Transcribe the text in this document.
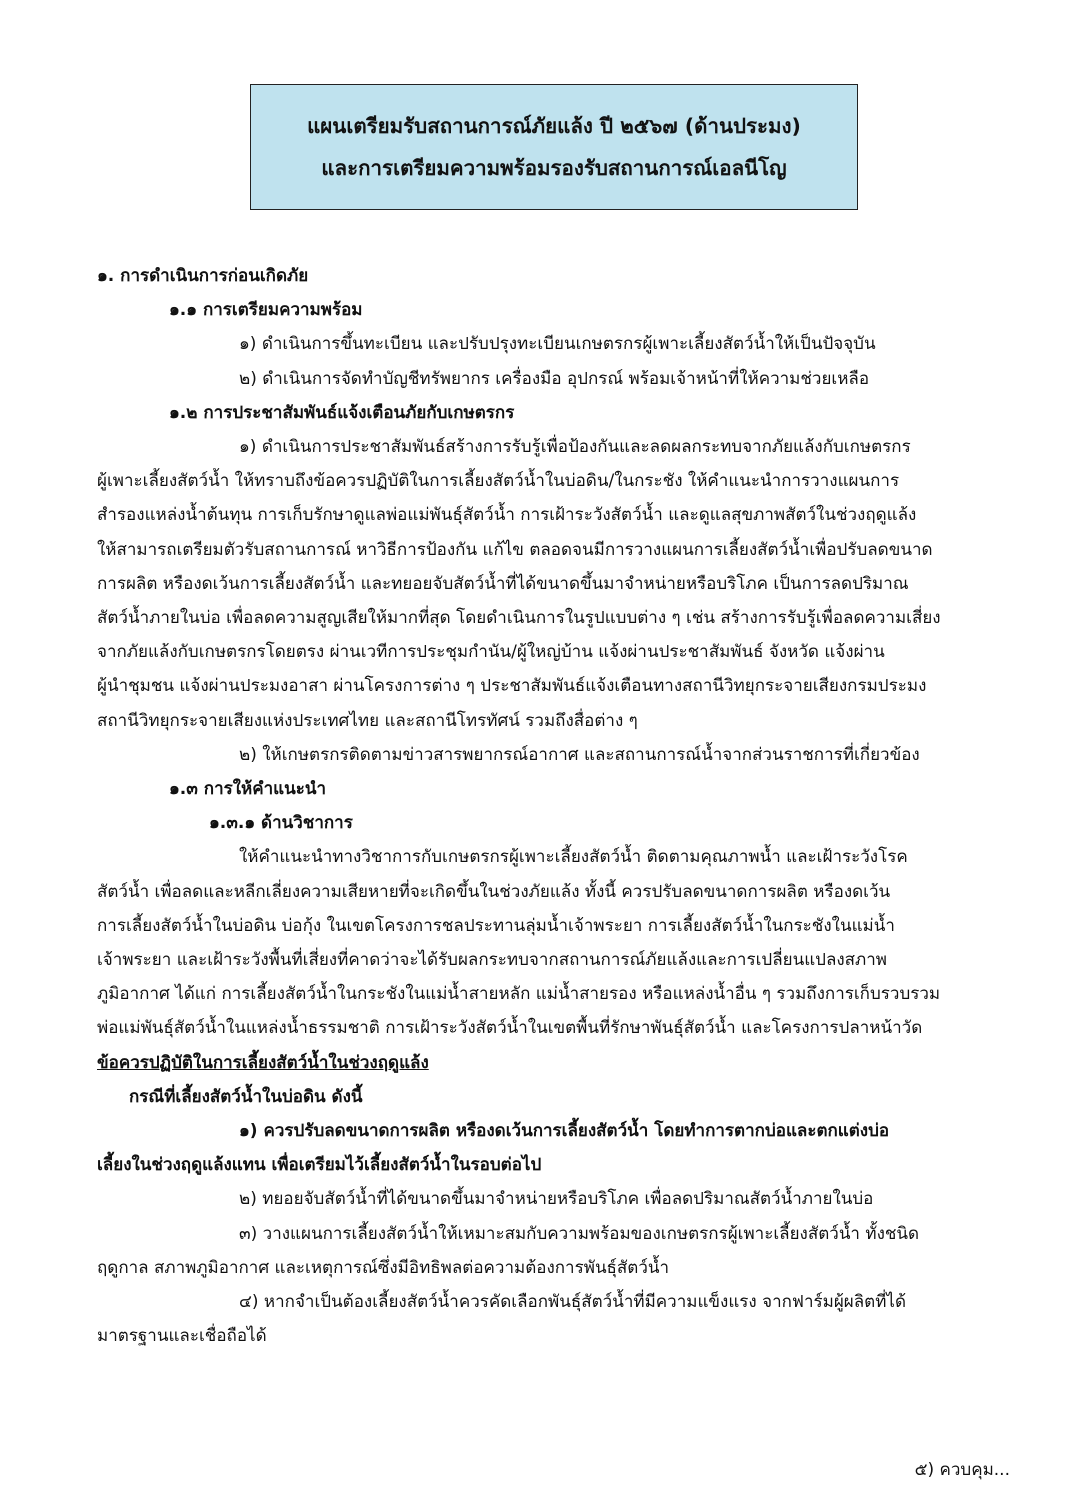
แผนเตรียมรับสถานการณ์ภัยแล้ง ปี ๒๕๖๗ (ด้านประมง)
และการเตรียมความพร้อมรองรับสถานการณ์เอลนีโญ

๑. การดำเนินการก่อนเกิดภัย

๑.๑ การเตรียมความพร้อม

๑) ดำเนินการขึ้นทะเบียน และปรับปรุงทะเบียนเกษตรกรผู้เพาะเลี้ยงสัตว์น้ำให้เป็นปัจจุบัน

๒) ดำเนินการจัดทำบัญชีทรัพยากร เครื่องมือ อุปกรณ์ พร้อมเจ้าหน้าที่ให้ความช่วยเหลือ

๑.๒ การประชาสัมพันธ์แจ้งเตือนภัยกับเกษตรกร

๑) ดำเนินการประชาสัมพันธ์สร้างการรับรู้เพื่อป้องกันและลดผลกระทบจากภัยแล้งกับเกษตรกร
ผู้เพาะเลี้ยงสัตว์น้ำ ให้ทราบถึงข้อควรปฏิบัติในการเลี้ยงสัตว์น้ำในบ่อดิน/ในกระชัง ให้คำแนะนำการวางแผนการ
สำรองแหล่งน้ำต้นทุน การเก็บรักษาดูแลพ่อแม่พันธุ์สัตว์น้ำ การเฝ้าระวังสัตว์น้ำ และดูแลสุขภาพสัตว์ในช่วงฤดูแล้ง
ให้สามารถเตรียมตัวรับสถานการณ์ หาวิธีการป้องกัน แก้ไข ตลอดจนมีการวางแผนการเลี้ยงสัตว์น้ำเพื่อปรับลดขนาด
การผลิต หรืองดเว้นการเลี้ยงสัตว์น้ำ และทยอยจับสัตว์น้ำที่ได้ขนาดขึ้นมาจำหน่ายหรือบริโภค เป็นการลดปริมาณ
สัตว์น้ำภายในบ่อ เพื่อลดความสูญเสียให้มากที่สุด โดยดำเนินการในรูปแบบต่าง ๆ เช่น สร้างการรับรู้เพื่อลดความเสี่ยง
จากภัยแล้งกับเกษตรกรโดยตรง ผ่านเวทีการประชุมกำนัน/ผู้ใหญ่บ้าน แจ้งผ่านประชาสัมพันธ์ จังหวัด แจ้งผ่าน
ผู้นำชุมชน แจ้งผ่านประมงอาสา ผ่านโครงการต่าง ๆ ประชาสัมพันธ์แจ้งเตือนทางสถานีวิทยุกระจายเสียงกรมประมง
สถานีวิทยุกระจายเสียงแห่งประเทศไทย และสถานีโทรทัศน์ รวมถึงสื่อต่าง ๆ

๒) ให้เกษตรกรติดตามข่าวสารพยากรณ์อากาศ และสถานการณ์น้ำจากส่วนราชการที่เกี่ยวข้อง

๑.๓ การให้คำแนะนำ

๑.๓.๑ ด้านวิชาการ

ให้คำแนะนำทางวิชาการกับเกษตรกรผู้เพาะเลี้ยงสัตว์น้ำ ติดตามคุณภาพน้ำ และเฝ้าระวังโรค
สัตว์น้ำ เพื่อลดและหลีกเลี่ยงความเสียหายที่จะเกิดขึ้นในช่วงภัยแล้ง ทั้งนี้ ควรปรับลดขนาดการผลิต หรืองดเว้น
การเลี้ยงสัตว์น้ำในบ่อดิน บ่อกุ้ง ในเขตโครงการชลประทานลุ่มน้ำเจ้าพระยา การเลี้ยงสัตว์น้ำในกระชังในแม่น้ำ
เจ้าพระยา และเฝ้าระวังพื้นที่เสี่ยงที่คาดว่าจะได้รับผลกระทบจากสถานการณ์ภัยแล้งและการเปลี่ยนแปลงสภาพ
ภูมิอากาศ ได้แก่ การเลี้ยงสัตว์น้ำในกระชังในแม่น้ำสายหลัก แม่น้ำสายรอง หรือแหล่งน้ำอื่น ๆ รวมถึงการเก็บรวบรวม
พ่อแม่พันธุ์สัตว์น้ำในแหล่งน้ำธรรมชาติ การเฝ้าระวังสัตว์น้ำในเขตพื้นที่รักษาพันธุ์สัตว์น้ำ และโครงการปลาหน้าวัด

ข้อควรปฏิบัติในการเลี้ยงสัตว์น้ำในช่วงฤดูแล้ง

กรณีที่เลี้ยงสัตว์น้ำในบ่อดิน ดังนี้

๑) ควรปรับลดขนาดการผลิต หรืองดเว้นการเลี้ยงสัตว์น้ำ โดยทำการตากบ่อและตกแต่งบ่อ
เลี้ยงในช่วงฤดูแล้งแทน เพื่อเตรียมไว้เลี้ยงสัตว์น้ำในรอบต่อไป

๒) ทยอยจับสัตว์น้ำที่ได้ขนาดขึ้นมาจำหน่ายหรือบริโภค เพื่อลดปริมาณสัตว์น้ำภายในบ่อ

๓) วางแผนการเลี้ยงสัตว์น้ำให้เหมาะสมกับความพร้อมของเกษตรกรผู้เพาะเลี้ยงสัตว์น้ำ ทั้งชนิด
ฤดูกาล สภาพภูมิอากาศ และเหตุการณ์ซึ่งมีอิทธิพลต่อความต้องการพันธุ์สัตว์น้ำ

๔) หากจำเป็นต้องเลี้ยงสัตว์น้ำควรคัดเลือกพันธุ์สัตว์น้ำที่มีความแข็งแรง จากฟาร์มผู้ผลิตที่ได้
มาตรฐานและเชื่อถือได้

๕) ควบคุม...
